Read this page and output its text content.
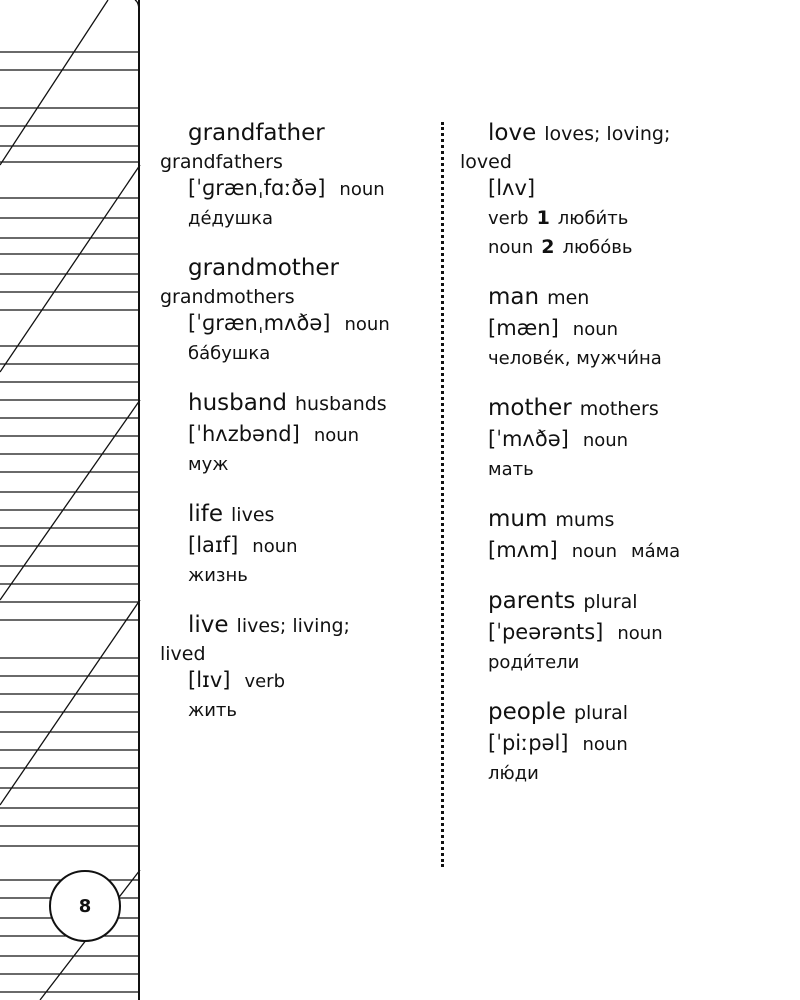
8
grandfather
grandfathers
[ˈɡrænˌfɑːðə] noun
де́душка
grandmother
grandmothers
[ˈɡrænˌmʌðə] noun
ба́бушка
husband husbands
[ˈhʌzbənd] noun
муж
life lives
[laɪf] noun
жизнь
live lives; living;
lived
[lɪv] verb
жить
love loves; loving;
loved
[lʌv]
verb 1 люби́ть
noun 2 любо́вь
man men
[mæn] noun
челове́к, мужчи́на
mother mothers
[ˈmʌðə] noun
мать
mum mums
[mʌm] noun ма́ма
parents plural
[ˈpeərənts] noun
роди́тели
people plural
[ˈpiːpəl] noun
лю́ди
